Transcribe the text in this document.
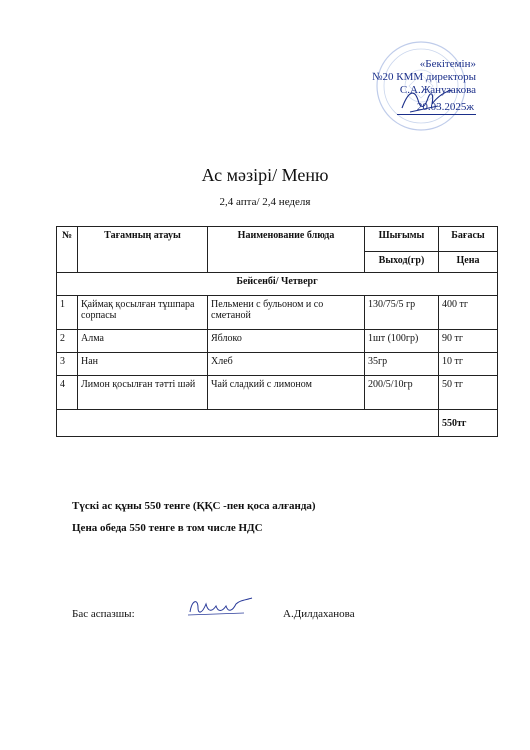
«Бекітемін»
№20 КММ директоры
С.А.Жанузакова
20.03.2025ж
Ас мәзірі/ Меню
2,4 апта/ 2,4 неделя
№	Тағамның атауы	Наименование блюда	Шығымы	Бағасы
			Выход(гр)	Цена
Бейсенбі/ Четверг				
1	Қаймақ қосылған тұшпара сорпасы	Пельмени с бульоном и со сметаной	130/75/5 гр	400 тг
2	Алма	Яблоко	1шт (100гр)	90 тг
3	Нан	Хлеб	35гр	10 тг
4	Лимон қосылған тәтті шәй	Чай сладкий с лимоном	200/5/10гр	50 тг
				550тг
Түскі ас құны 550 тенге (ҚҚС -пен қоса алғанда)
Цена обеда 550 тенге в том числе НДС
Бас аспазшы:	А.Дилдаханова
